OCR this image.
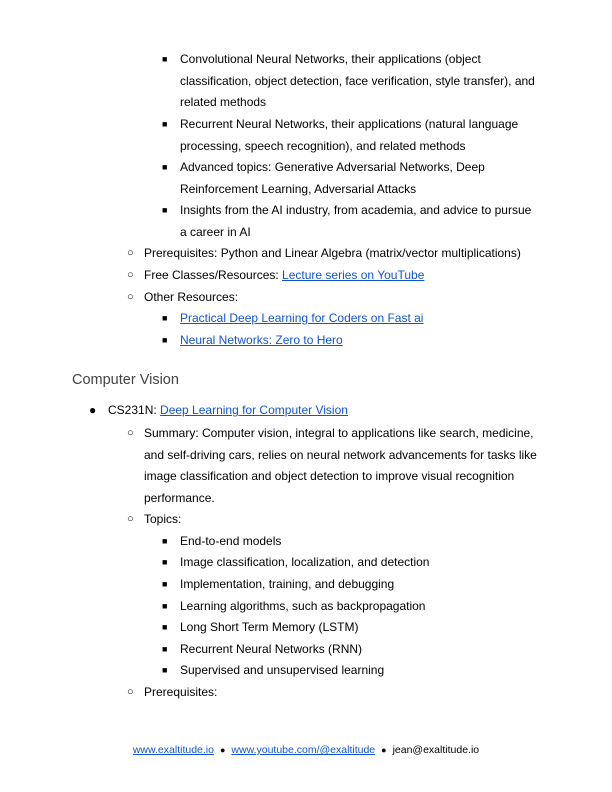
■ Convolutional Neural Networks, their applications (object classification, object detection, face verification, style transfer), and related methods
■ Recurrent Neural Networks, their applications (natural language processing, speech recognition), and related methods
■ Advanced topics: Generative Adversarial Networks, Deep Reinforcement Learning, Adversarial Attacks
■ Insights from the AI industry, from academia, and advice to pursue a career in AI
○ Prerequisites: Python and Linear Algebra (matrix/vector multiplications)
○ Free Classes/Resources: Lecture series on YouTube
○ Other Resources:
■ Practical Deep Learning for Coders on Fast ai
■ Neural Networks: Zero to Hero
Computer Vision
● CS231N: Deep Learning for Computer Vision
○ Summary: Computer vision, integral to applications like search, medicine, and self-driving cars, relies on neural network advancements for tasks like image classification and object detection to improve visual recognition performance.
○ Topics:
■ End-to-end models
■ Image classification, localization, and detection
■ Implementation, training, and debugging
■ Learning algorithms, such as backpropagation
■ Long Short Term Memory (LSTM)
■ Recurrent Neural Networks (RNN)
■ Supervised and unsupervised learning
○ Prerequisites:
www.exaltitude.io ● www.youtube.com/@exaltitude ● jean@exaltitude.io
